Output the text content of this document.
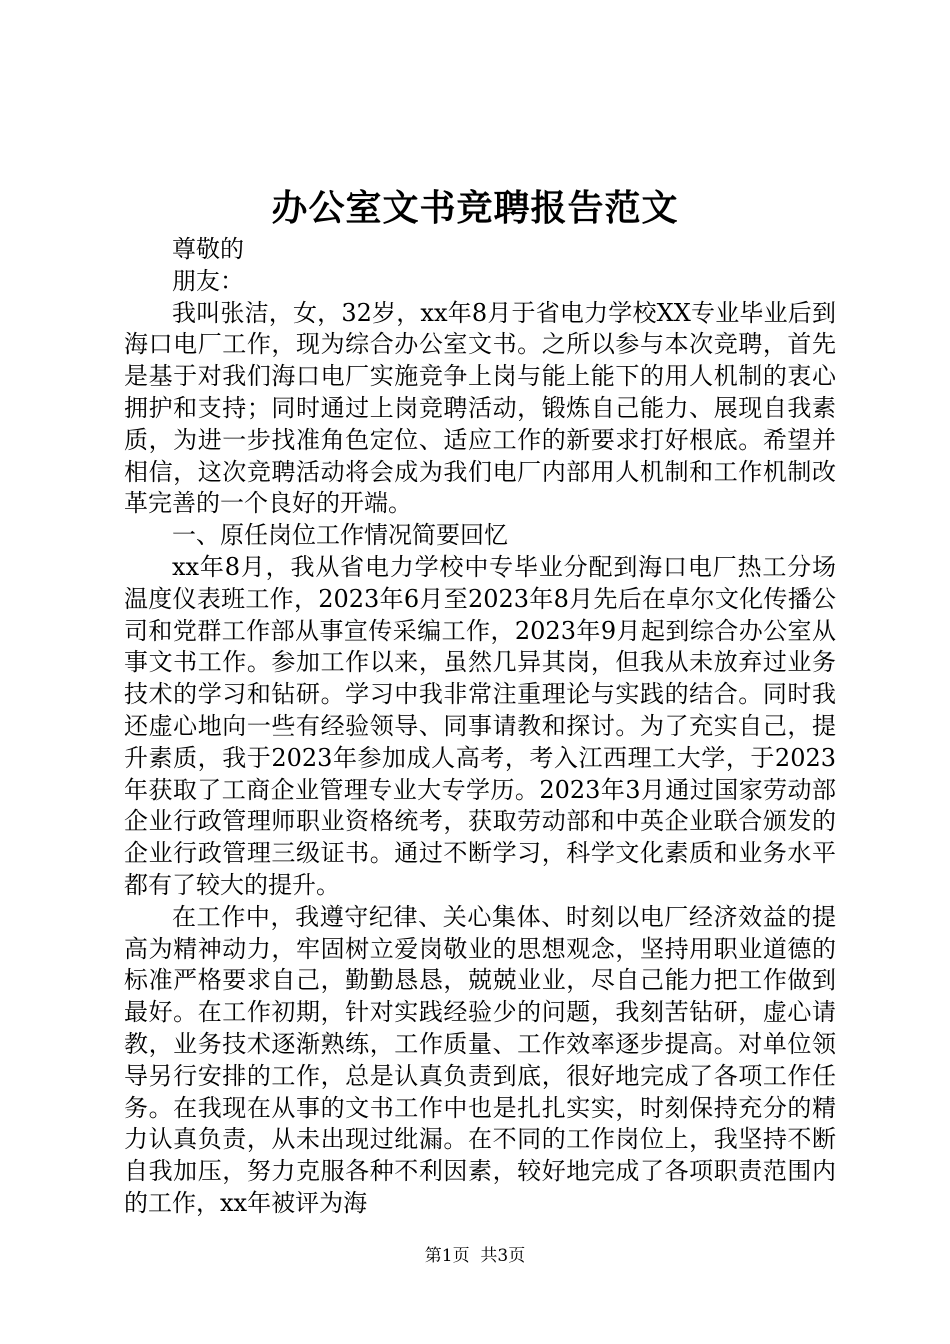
办公室文书竞聘报告范文

尊敬的

朋友：

我叫张洁，女，32岁，xx年8月于省电力学校XX专业毕业后到海口电厂工作，现为综合办公室文书。之所以参与本次竞聘，首先是基于对我们海口电厂实施竞争上岗与能上能下的用人机制的衷心拥护和支持；同时通过上岗竞聘活动，锻炼自己能力、展现自我素质，为进一步找准角色定位、适应工作的新要求打好根底。希望并相信，这次竞聘活动将会成为我们电厂内部用人机制和工作机制改革完善的一个良好的开端。

一、原任岗位工作情况简要回忆

xx年8月，我从省电力学校中专毕业分配到海口电厂热工分场温度仪表班工作，2023年6月至2023年8月先后在卓尔文化传播公司和党群工作部从事宣传采编工作，2023年9月起到综合办公室从事文书工作。参加工作以来，虽然几异其岗，但我从未放弃过业务技术的学习和钻研。学习中我非常注重理论与实践的结合。同时我还虚心地向一些有经验领导、同事请教和探讨。为了充实自己，提升素质，我于2023年参加成人高考，考入江西理工大学，于2023年获取了工商企业管理专业大专学历。2023年3月通过国家劳动部企业行政管理师职业资格统考，获取劳动部和中英企业联合颁发的企业行政管理三级证书。通过不断学习，科学文化素质和业务水平都有了较大的提升。

在工作中，我遵守纪律、关心集体、时刻以电厂经济效益的提高为精神动力，牢固树立爱岗敬业的思想观念，坚持用职业道德的标准严格要求自己，勤勤恳恳，兢兢业业，尽自己能力把工作做到最好。在工作初期，针对实践经验少的问题，我刻苦钻研，虚心请教，业务技术逐渐熟练，工作质量、工作效率逐步提高。对单位领导另行安排的工作，总是认真负责到底，很好地完成了各项工作任务。在我现在从事的文书工作中也是扎扎实实，时刻保持充分的精力认真负责，从未出现过纰漏。在不同的工作岗位上，我坚持不断自我加压，努力克服各种不利因素，较好地完成了各项职责范围内的工作，xx年被评为海

第1页 共3页
